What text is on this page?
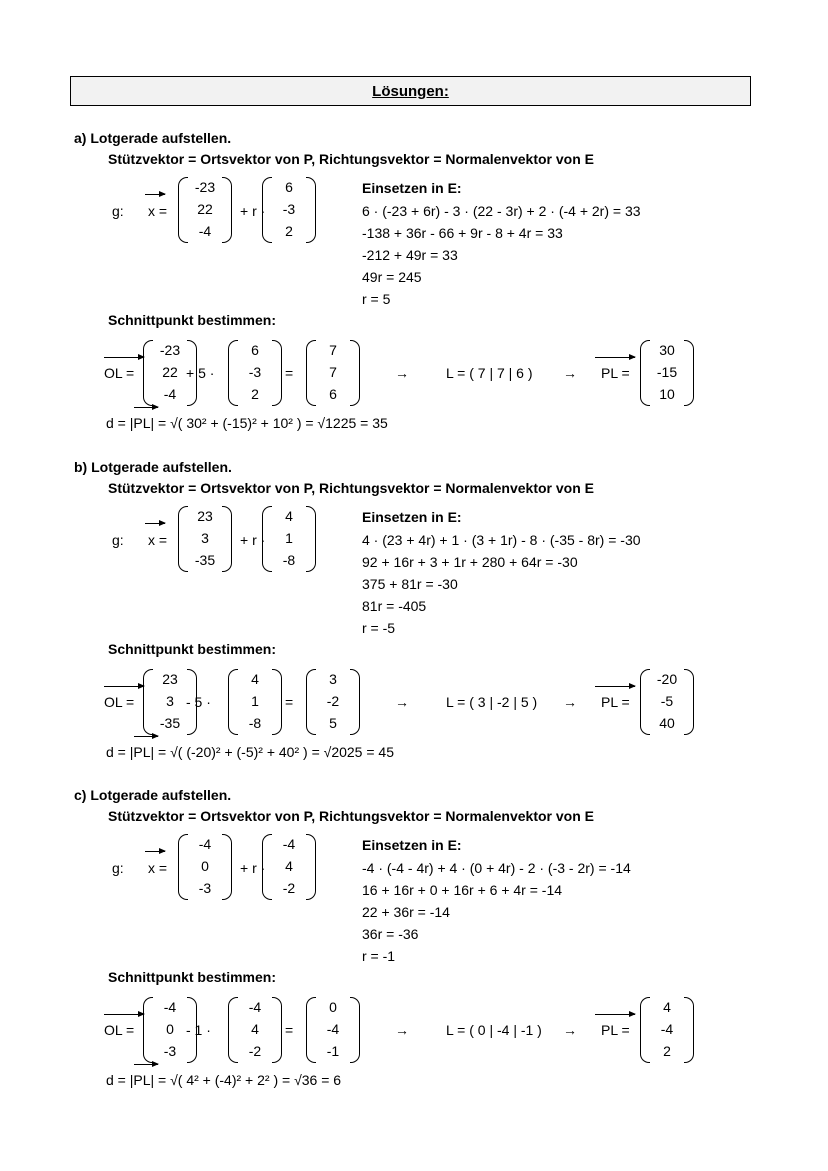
Lösungen:
a) Lotgerade aufstellen.
Stützvektor = Ortsvektor von P, Richtungsvektor = Normalenvektor von E
g: x =
-23
22
-4
+ r ·
6
-3
2
Einsetzen in E:
6 · (-23 + 6r) - 3 · (22 - 3r) + 2 · (-4 + 2r) = 33
-138 + 36r - 66 + 9r - 8 + 4r = 33
-212 + 49r = 33
49r = 245
r = 5
Schnittpunkt bestimmen:
OL =
-23
22
-4
+ 5 ·
6
-3
2
=
7
7
6
→	L = ( 7 | 7 | 6 ) → PL =
30
-15
10
d = |PL| = √( 30² + (-15)² + 10² ) = √1225 = 35
b) Lotgerade aufstellen.
Stützvektor = Ortsvektor von P, Richtungsvektor = Normalenvektor von E
g: x =
23
3
-35
+ r ·
4
1
-8
Einsetzen in E:
4 · (23 + 4r) + 1 · (3 + 1r) - 8 · (-35 - 8r) = -30
92 + 16r + 3 + 1r + 280 + 64r = -30
375 + 81r = -30
81r = -405
r = -5
Schnittpunkt bestimmen:
OL =
23
3
-35
- 5 ·
4
1
-8
=
3
-2
5
→	L = ( 3 | -2 | 5 ) → PL =
-20
-5
40
d = |PL| = √( (-20)² + (-5)² + 40² ) = √2025 = 45
c) Lotgerade aufstellen.
Stützvektor = Ortsvektor von P, Richtungsvektor = Normalenvektor von E
g: x =
-4
0
-3
+ r ·
-4
4
-2
Einsetzen in E:
-4 · (-4 - 4r) + 4 · (0 + 4r) - 2 · (-3 - 2r) = -14
16 + 16r + 0 + 16r + 6 + 4r = -14
22 + 36r = -14
36r = -36
r = -1
Schnittpunkt bestimmen:
OL =
-4
0
-3
- 1 ·
-4
4
-2
=
0
-4
-1
→	L = ( 0 | -4 | -1 ) → PL =
4
-4
2
d = |PL| = √( 4² + (-4)² + 2² ) = √36 = 6
